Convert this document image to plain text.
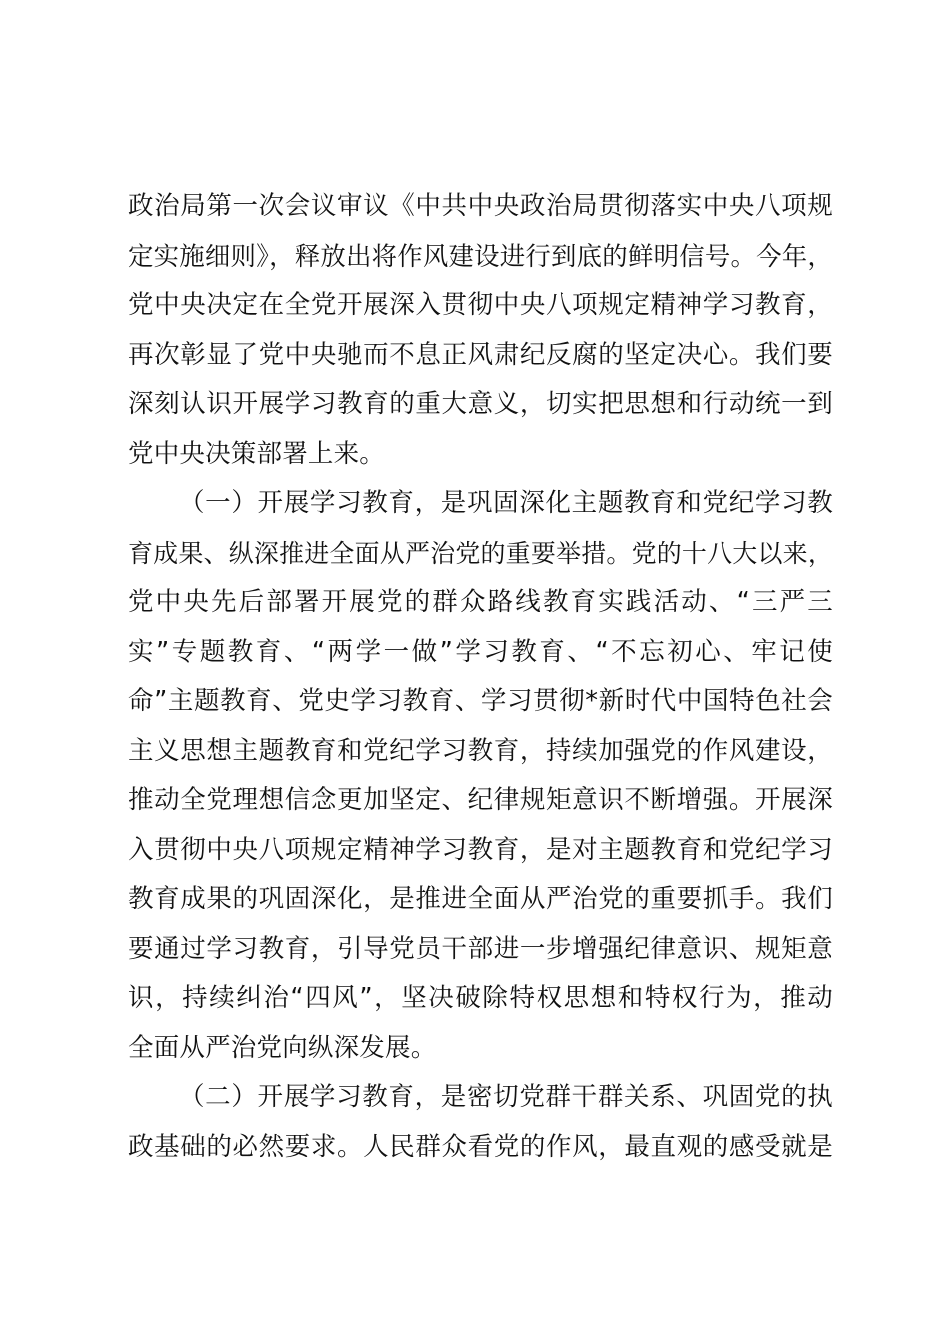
政治局第一次会议审议《中共中央政治局贯彻落实中央八项规
定实施细则》，释放出将作风建设进行到底的鲜明信号。今年，
党中央决定在全党开展深入贯彻中央八项规定精神学习教育，
再次彰显了党中央驰而不息正风肃纪反腐的坚定决心。我们要
深刻认识开展学习教育的重大意义，切实把思想和行动统一到
党中央决策部署上来。
（一）开展学习教育，是巩固深化主题教育和党纪学习教
育成果、纵深推进全面从严治党的重要举措。党的十八大以来，
党中央先后部署开展党的群众路线教育实践活动、“三严三
实”专题教育、“两学一做”学习教育、“不忘初心、牢记使
命”主题教育、党史学习教育、学习贯彻*新时代中国特色社会
主义思想主题教育和党纪学习教育，持续加强党的作风建设，
推动全党理想信念更加坚定、纪律规矩意识不断增强。开展深
入贯彻中央八项规定精神学习教育，是对主题教育和党纪学习
教育成果的巩固深化，是推进全面从严治党的重要抓手。我们
要通过学习教育，引导党员干部进一步增强纪律意识、规矩意
识，持续纠治“四风”，坚决破除特权思想和特权行为，推动
全面从严治党向纵深发展。
（二）开展学习教育，是密切党群干群关系、巩固党的执
政基础的必然要求。人民群众看党的作风，最直观的感受就是
